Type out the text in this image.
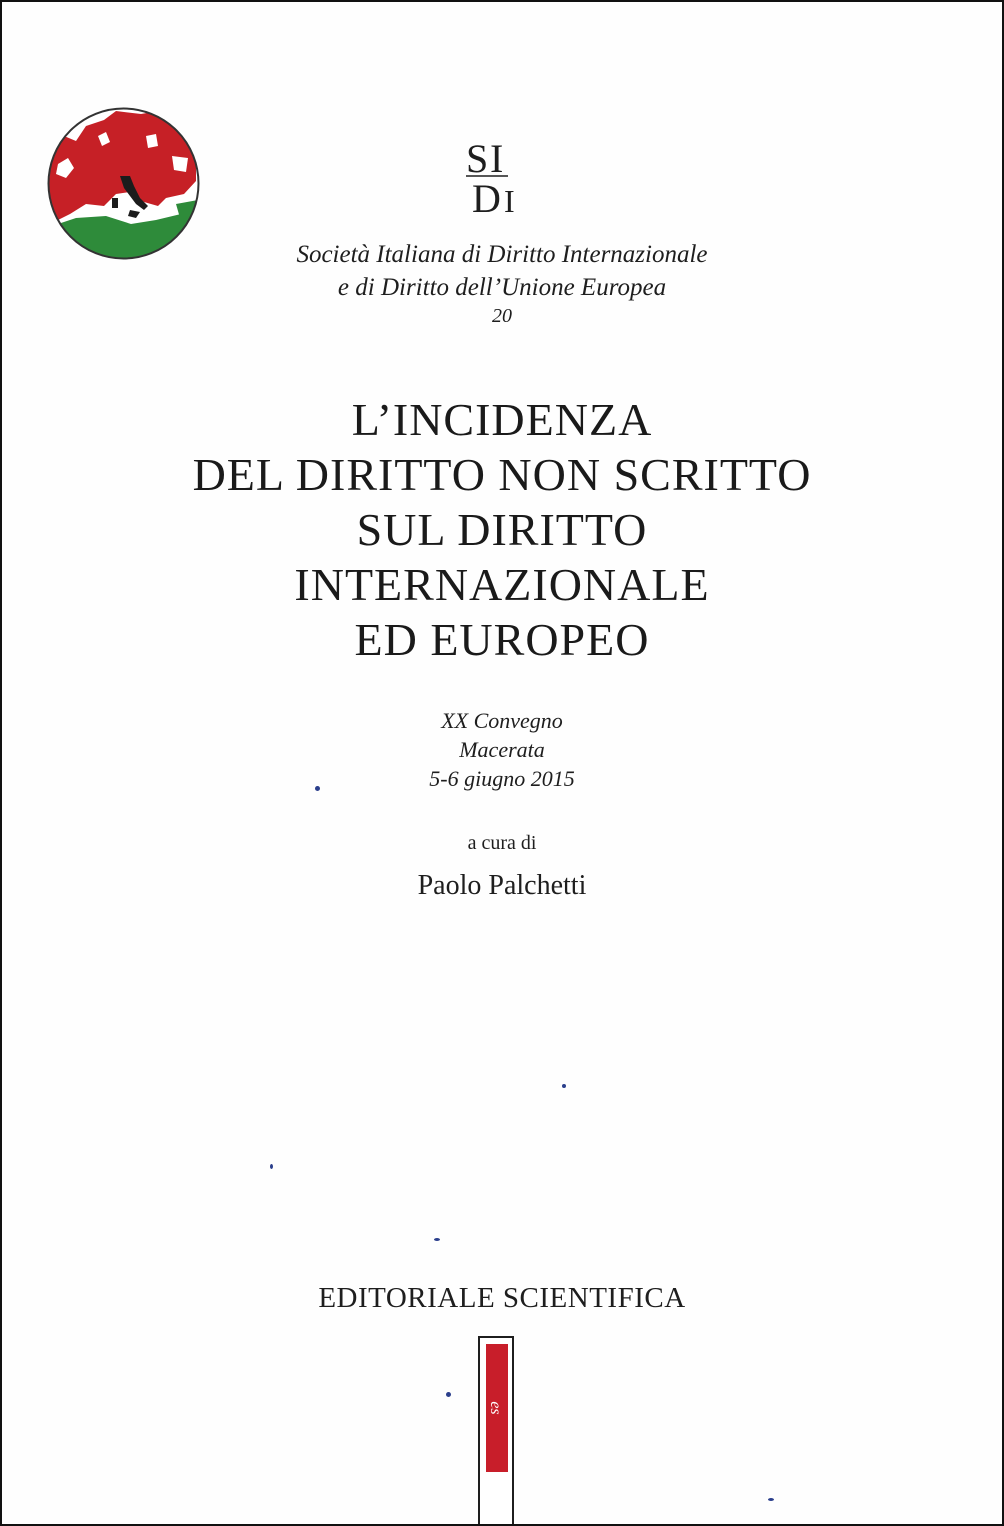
S I
D I
Società Italiana di Diritto Internazionale
e di Diritto dell’Unione Europea
20
L’INCIDENZA
DEL DIRITTO NON SCRITTO
SUL DIRITTO
INTERNAZIONALE
ED EUROPEO
XX Convegno
Macerata
5-6 giugno 2015
a cura di
Paolo Palchetti
EDITORIALE SCIENTIFICA
es
